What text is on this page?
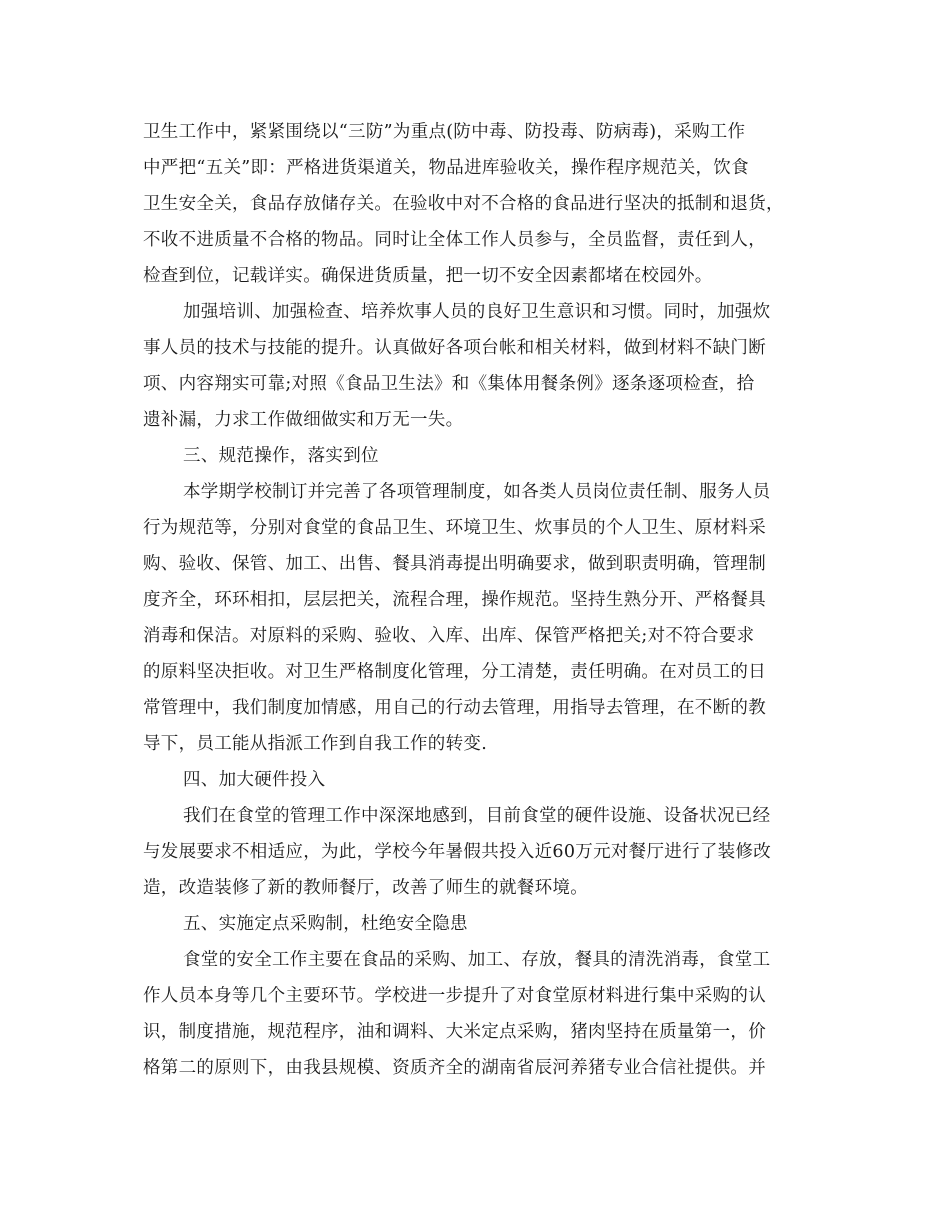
卫生工作中，紧紧围绕以“三防”为重点(防中毒、防投毒、防病毒)，采购工作
中严把“五关”即：严格进货渠道关，物品进库验收关，操作程序规范关，饮食
卫生安全关，食品存放储存关。在验收中对不合格的食品进行坚决的抵制和退货，
不收不进质量不合格的物品。同时让全体工作人员参与，全员监督，责任到人，
检查到位，记载详实。确保进货质量，把一切不安全因素都堵在校园外。
加强培训、加强检查、培养炊事人员的良好卫生意识和习惯。同时，加强炊
事人员的技术与技能的提升。认真做好各项台帐和相关材料，做到材料不缺门断
项、内容翔实可靠;对照《食品卫生法》和《集体用餐条例》逐条逐项检查，拾
遗补漏，力求工作做细做实和万无一失。
三、规范操作，落实到位
本学期学校制订并完善了各项管理制度，如各类人员岗位责任制、服务人员
行为规范等，分别对食堂的食品卫生、环境卫生、炊事员的个人卫生、原材料采
购、验收、保管、加工、出售、餐具消毒提出明确要求，做到职责明确，管理制
度齐全，环环相扣，层层把关，流程合理，操作规范。坚持生熟分开、严格餐具
消毒和保洁。对原料的采购、验收、入库、出库、保管严格把关;对不符合要求
的原料坚决拒收。对卫生严格制度化管理，分工清楚，责任明确。在对员工的日
常管理中，我们制度加情感，用自己的行动去管理，用指导去管理，在不断的教
导下，员工能从指派工作到自我工作的转变.
四、加大硬件投入
我们在食堂的管理工作中深深地感到，目前食堂的硬件设施、设备状况已经
与发展要求不相适应，为此，学校今年暑假共投入近60万元对餐厅进行了装修改
造，改造装修了新的教师餐厅，改善了师生的就餐环境。
五、实施定点采购制，杜绝安全隐患
食堂的安全工作主要在食品的采购、加工、存放，餐具的清洗消毒，食堂工
作人员本身等几个主要环节。学校进一步提升了对食堂原材料进行集中采购的认
识，制度措施，规范程序，油和调料、大米定点采购，猪肉坚持在质量第一，价
格第二的原则下，由我县规模、资质齐全的湖南省辰河养猪专业合信社提供。并
